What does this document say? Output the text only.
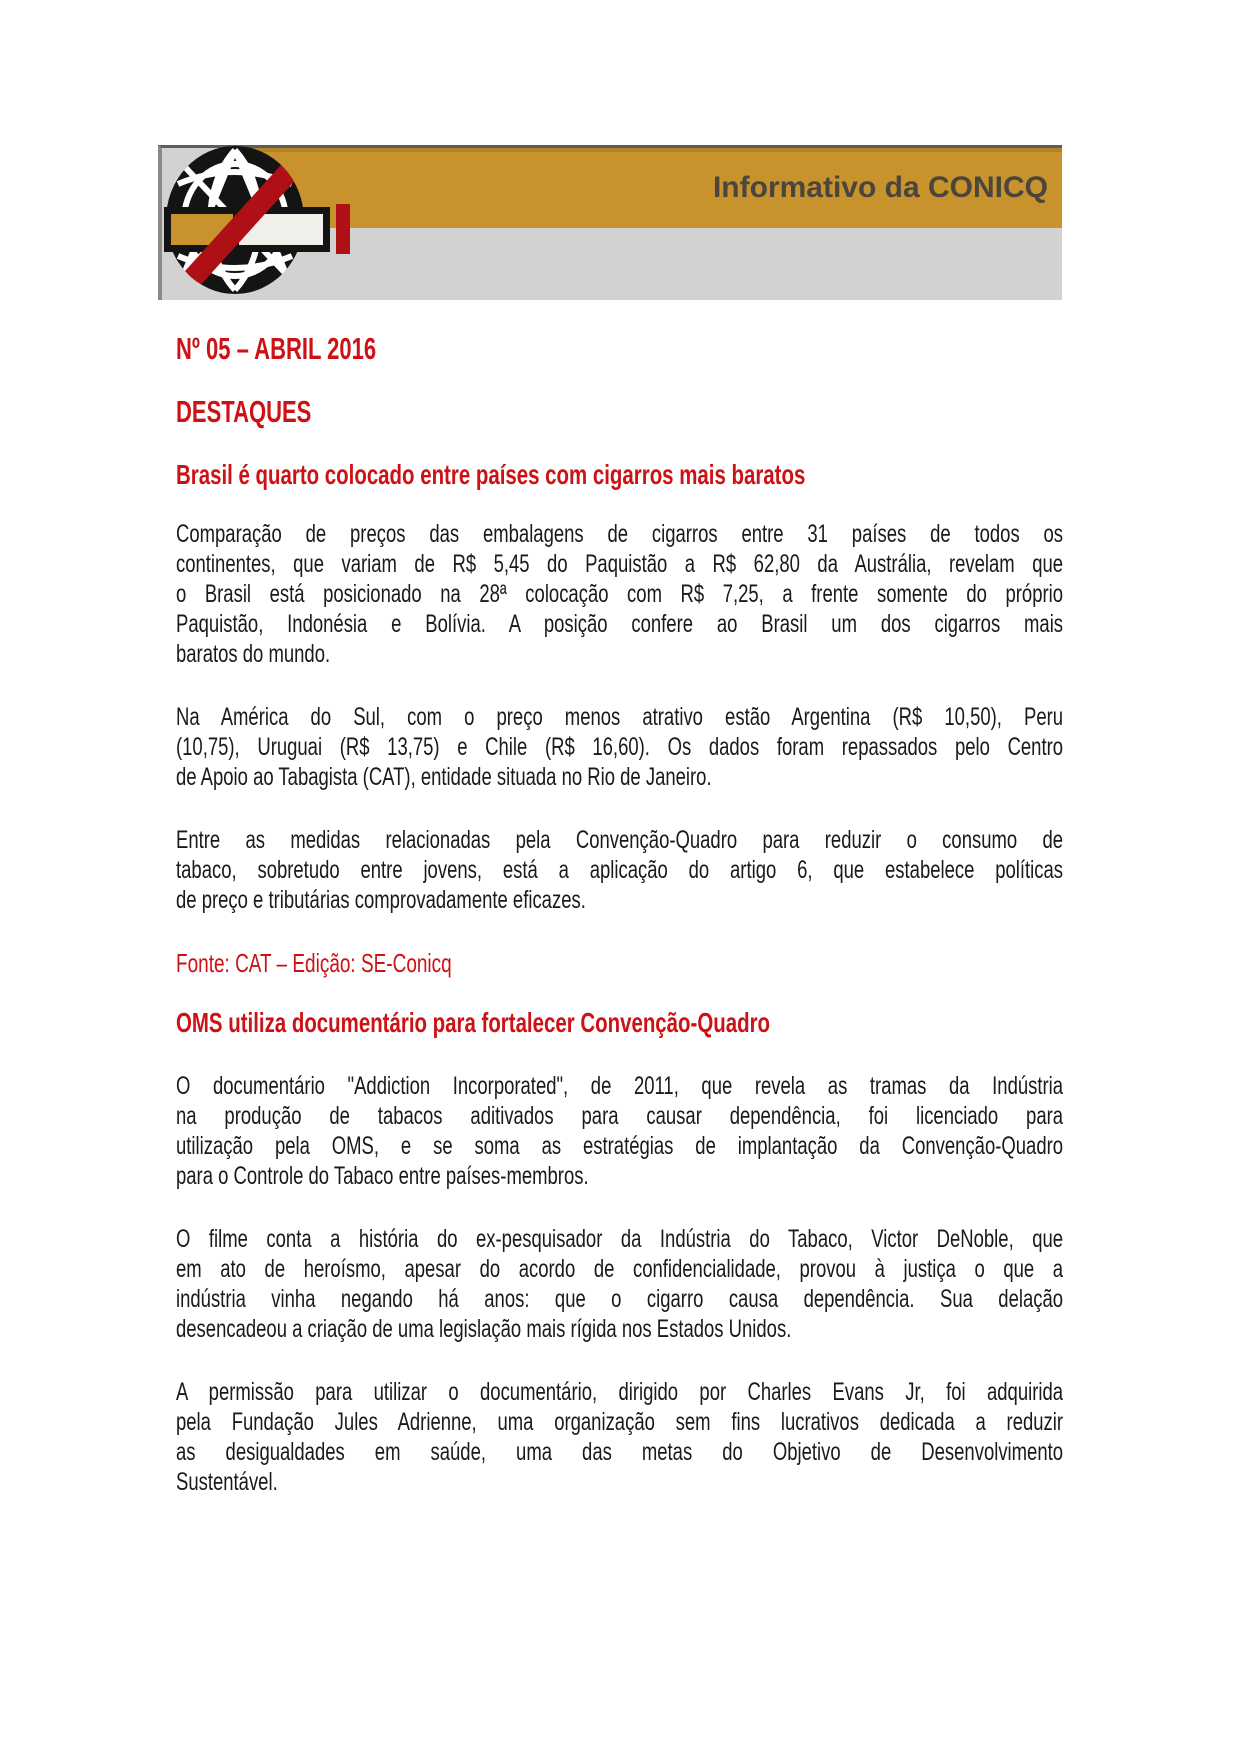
Informativo da CONICQ
Nº 05 – ABRIL 2016
DESTAQUES
Brasil é quarto colocado entre países com cigarros mais baratos
Comparação de preços das embalagens de cigarros entre 31 países de todos os
continentes, que variam de R$ 5,45 do Paquistão a R$ 62,80 da Austrália, revelam que
o Brasil está posicionado na 28ª colocação com R$ 7,25, a frente somente do próprio
Paquistão, Indonésia e Bolívia. A posição confere ao Brasil um dos cigarros mais
baratos do mundo.
Na América do Sul, com o preço menos atrativo estão Argentina (R$ 10,50), Peru
(10,75), Uruguai (R$ 13,75) e Chile (R$ 16,60). Os dados foram repassados pelo Centro
de Apoio ao Tabagista (CAT), entidade situada no Rio de Janeiro.
Entre as medidas relacionadas pela Convenção-Quadro para reduzir o consumo de
tabaco, sobretudo entre jovens, está a aplicação do artigo 6, que estabelece políticas
de preço e tributárias comprovadamente eficazes.
Fonte: CAT – Edição: SE-Conicq
OMS utiliza documentário para fortalecer Convenção-Quadro
O documentário "Addiction Incorporated", de 2011, que revela as tramas da Indústria
na produção de tabacos aditivados para causar dependência, foi licenciado para
utilização pela OMS, e se soma as estratégias de implantação da Convenção-Quadro
para o Controle do Tabaco entre países-membros.
O filme conta a história do ex-pesquisador da Indústria do Tabaco, Victor DeNoble, que
em ato de heroísmo, apesar do acordo de confidencialidade, provou à justiça o que a
indústria vinha negando há anos: que o cigarro causa dependência. Sua delação
desencadeou a criação de uma legislação mais rígida nos Estados Unidos.
A permissão para utilizar o documentário, dirigido por Charles Evans Jr, foi adquirida
pela Fundação Jules Adrienne, uma organização sem fins lucrativos dedicada a reduzir
as desigualdades em saúde, uma das metas do Objetivo de Desenvolvimento
Sustentável.
